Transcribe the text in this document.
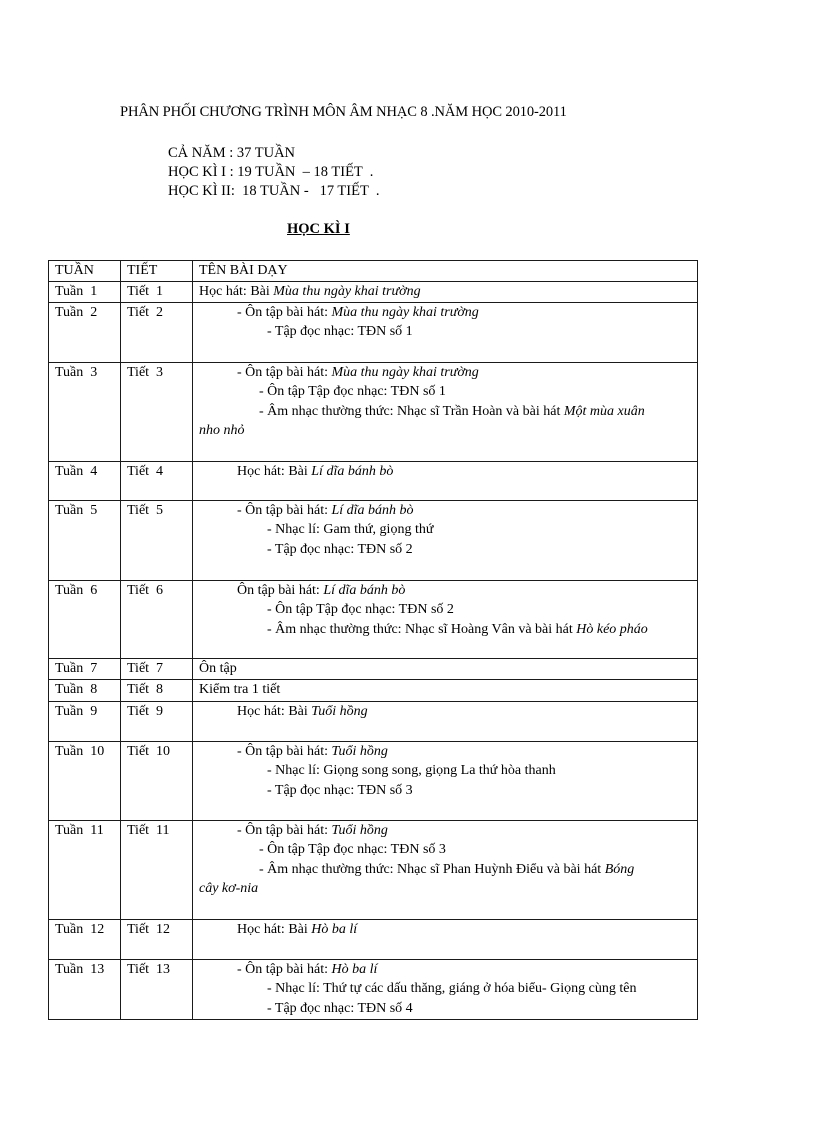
PHÂN PHỐI CHƯƠNG TRÌNH MÔN ÂM NHẠC 8 .NĂM HỌC 2010-2011
CẢ NĂM : 37 TUẦN
HỌC KÌ I : 19 TUẦN  – 18 TIẾT  .
HỌC KÌ II:  18 TUẦN -   17 TIẾT  .
HỌC KÌ I
TUẦN	TIẾT	TÊN BÀI DẠY
Tuần  1	Tiết  1	Học hát: Bài Mùa thu ngày khai trường

Tuần  2	Tiết  2	- Ôn tập bài hát: Mùa thu ngày khai trường
- Tập đọc nhạc: TĐN số 1

Tuần  3	Tiết  3	- Ôn tập bài hát: Mùa thu ngày khai trường
- Ôn tập Tập đọc nhạc: TĐN số 1
- Âm nhạc thường thức: Nhạc sĩ Trần Hoàn và bài hát Một mùa xuân
nho nhỏ

Tuần  4	Tiết  4	Học hát: Bài Lí dĩa bánh bò

Tuần  5	Tiết  5	- Ôn tập bài hát: Lí dĩa bánh bò
- Nhạc lí: Gam thứ, giọng thứ
- Tập đọc nhạc: TĐN số 2

Tuần  6	Tiết  6	Ôn tập bài hát: Lí dĩa bánh bò
- Ôn tập Tập đọc nhạc: TĐN số 2
- Âm nhạc thường thức: Nhạc sĩ Hoàng Vân và bài hát Hò kéo pháo

Tuần  7	Tiết  7	Ôn tập

Tuần  8	Tiết  8	Kiểm tra 1 tiết

Tuần  9	Tiết  9	Học hát: Bài Tuổi hồng

Tuần  10	Tiết  10	- Ôn tập bài hát: Tuổi hồng
- Nhạc lí: Giọng song song, giọng La thứ hòa thanh
- Tập đọc nhạc: TĐN số 3

Tuần  11	Tiết  11	- Ôn tập bài hát: Tuổi hồng
- Ôn tập Tập đọc nhạc: TĐN số 3
- Âm nhạc thường thức: Nhạc sĩ Phan Huỳnh Điểu và bài hát Bóng
cây kơ-nia

Tuần  12	Tiết  12	Học hát: Bài Hò ba lí

Tuần  13	Tiết  13	- Ôn tập bài hát: Hò ba lí
- Nhạc lí: Thứ tự các dấu thăng, giáng ở hóa biểu- Giọng cùng tên
- Tập đọc nhạc: TĐN số 4
